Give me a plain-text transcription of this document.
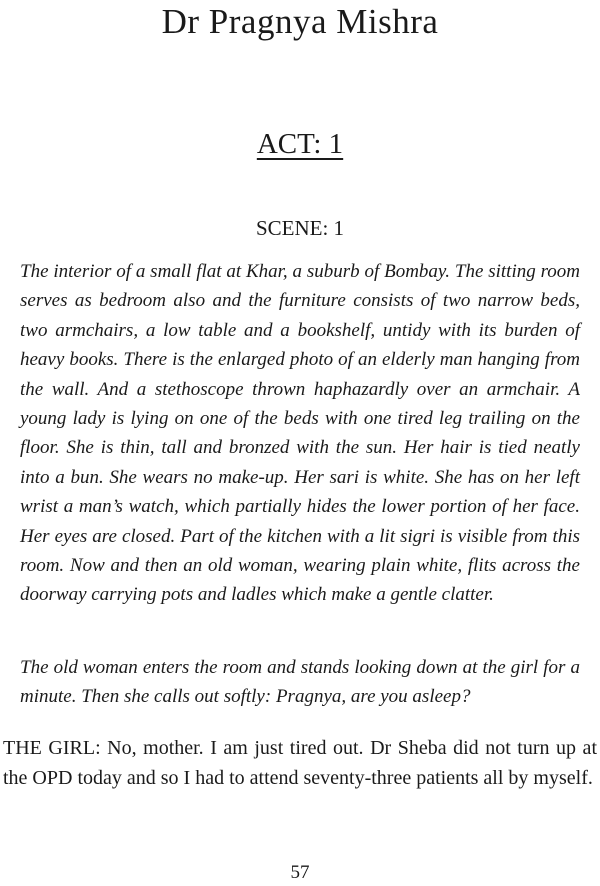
Dr Pragnya Mishra
ACT: 1
SCENE: 1

The interior of a small flat at Khar, a suburb of Bombay. The sitting room serves as bedroom also and the furniture consists of two narrow beds, two armchairs, a low table and a bookshelf, untidy with its burden of heavy books. There is the enlarged photo of an elderly man hanging from the wall. And a stethoscope thrown haphazardly over an armchair. A young lady is lying on one of the beds with one tired leg trailing on the floor. She is thin, tall and bronzed with the sun. Her hair is tied neatly into a bun. She wears no make-up. Her sari is white. She has on her left wrist a man’s watch, which partially hides the lower portion of her face. Her eyes are closed. Part of the kitchen with a lit sigri is visible from this room. Now and then an old woman, wearing plain white, flits across the doorway carrying pots and ladles which make a gentle clatter.

The old woman enters the room and stands looking down at the girl for a minute. Then she calls out softly: Pragnya, are you asleep?

THE GIRL: No, mother. I am just tired out. Dr Sheba did not turn up at the OPD today and so I had to attend seventy-three patients all by myself.

57
